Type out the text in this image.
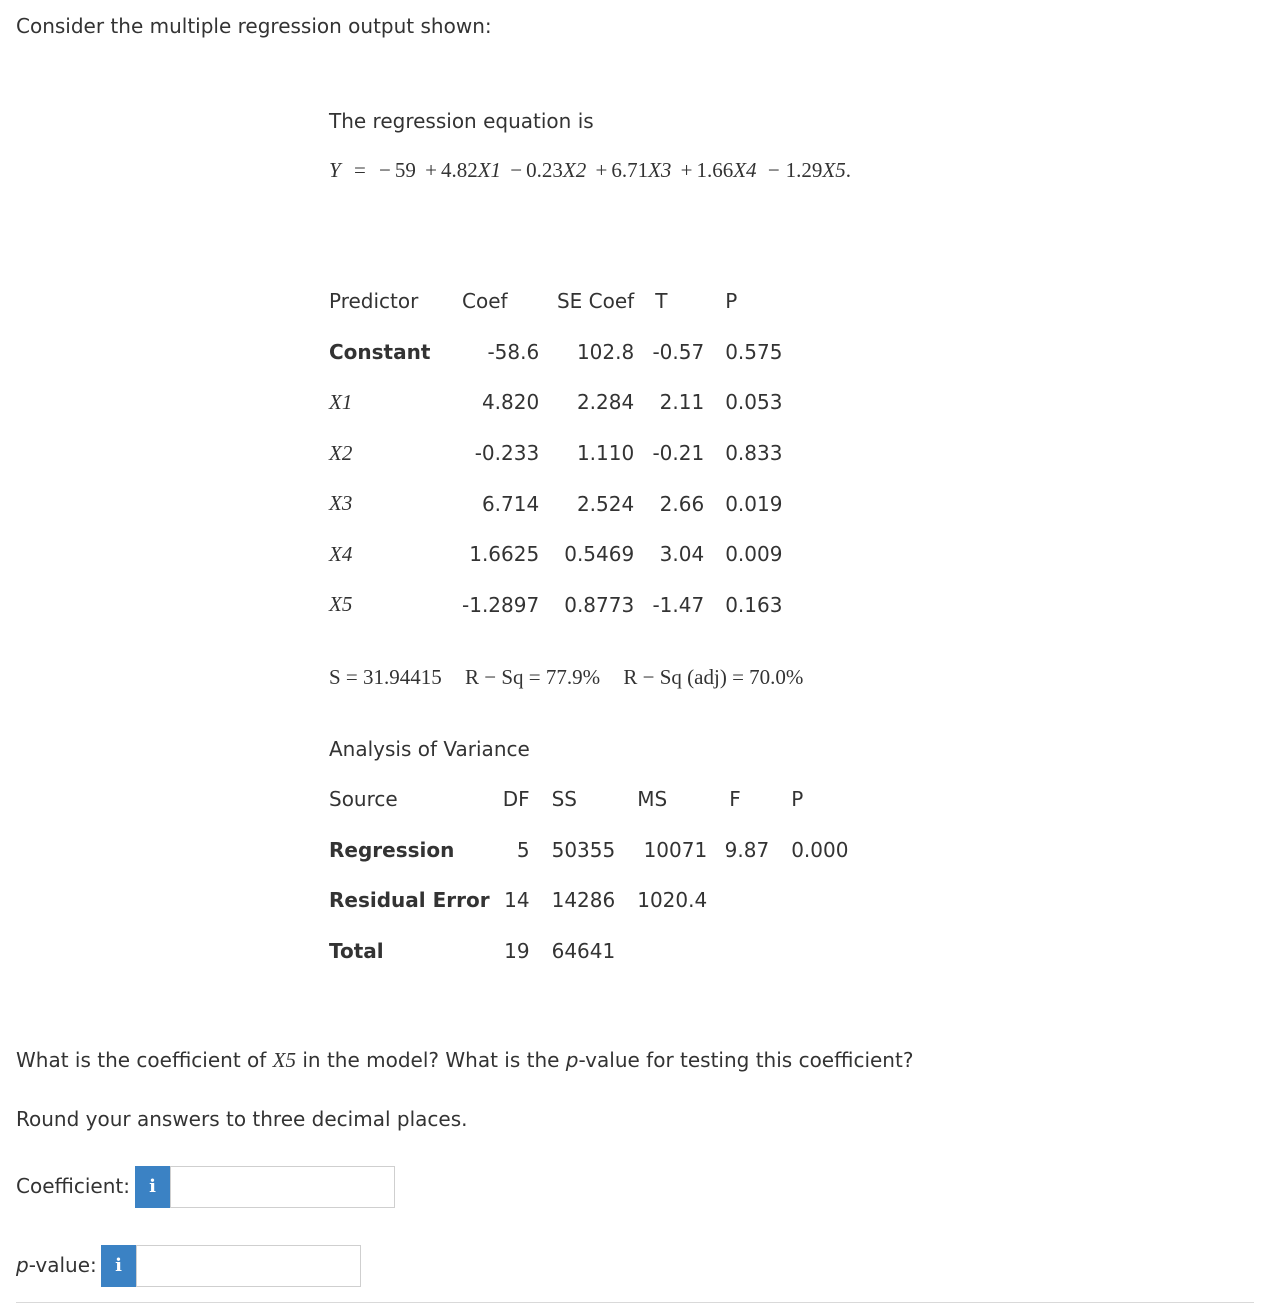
Consider the multiple regression output shown:
The regression equation is
Y = − 59 + 4.82X1 − 0.23X2 + 6.71X3 + 1.66X4 − 1.29X5.
Predictor	Coef	SE Coef	T	P
Constant	-58.6	102.8	-0.57	0.575
X1	4.820	2.284	2.11	0.053
X2	-0.233	1.110	-0.21	0.833
X3	6.714	2.524	2.66	0.019
X4	1.6625	0.5469	3.04	0.009
X5	-1.2897	0.8773	-1.47	0.163
S = 31.94415 R − Sq = 77.9% R − Sq (adj) = 70.0%
Analysis of Variance
Source	DF	SS	MS	F	P
Regression	5	50355	10071	9.87	0.000
Residual Error	14	14286	1020.4		
Total	19	64641			
What is the coefficient of X5 in the model? What is the p-value for testing this coefficient?
Round your answers to three decimal places.
Coefficient:	i
p-value:	i
